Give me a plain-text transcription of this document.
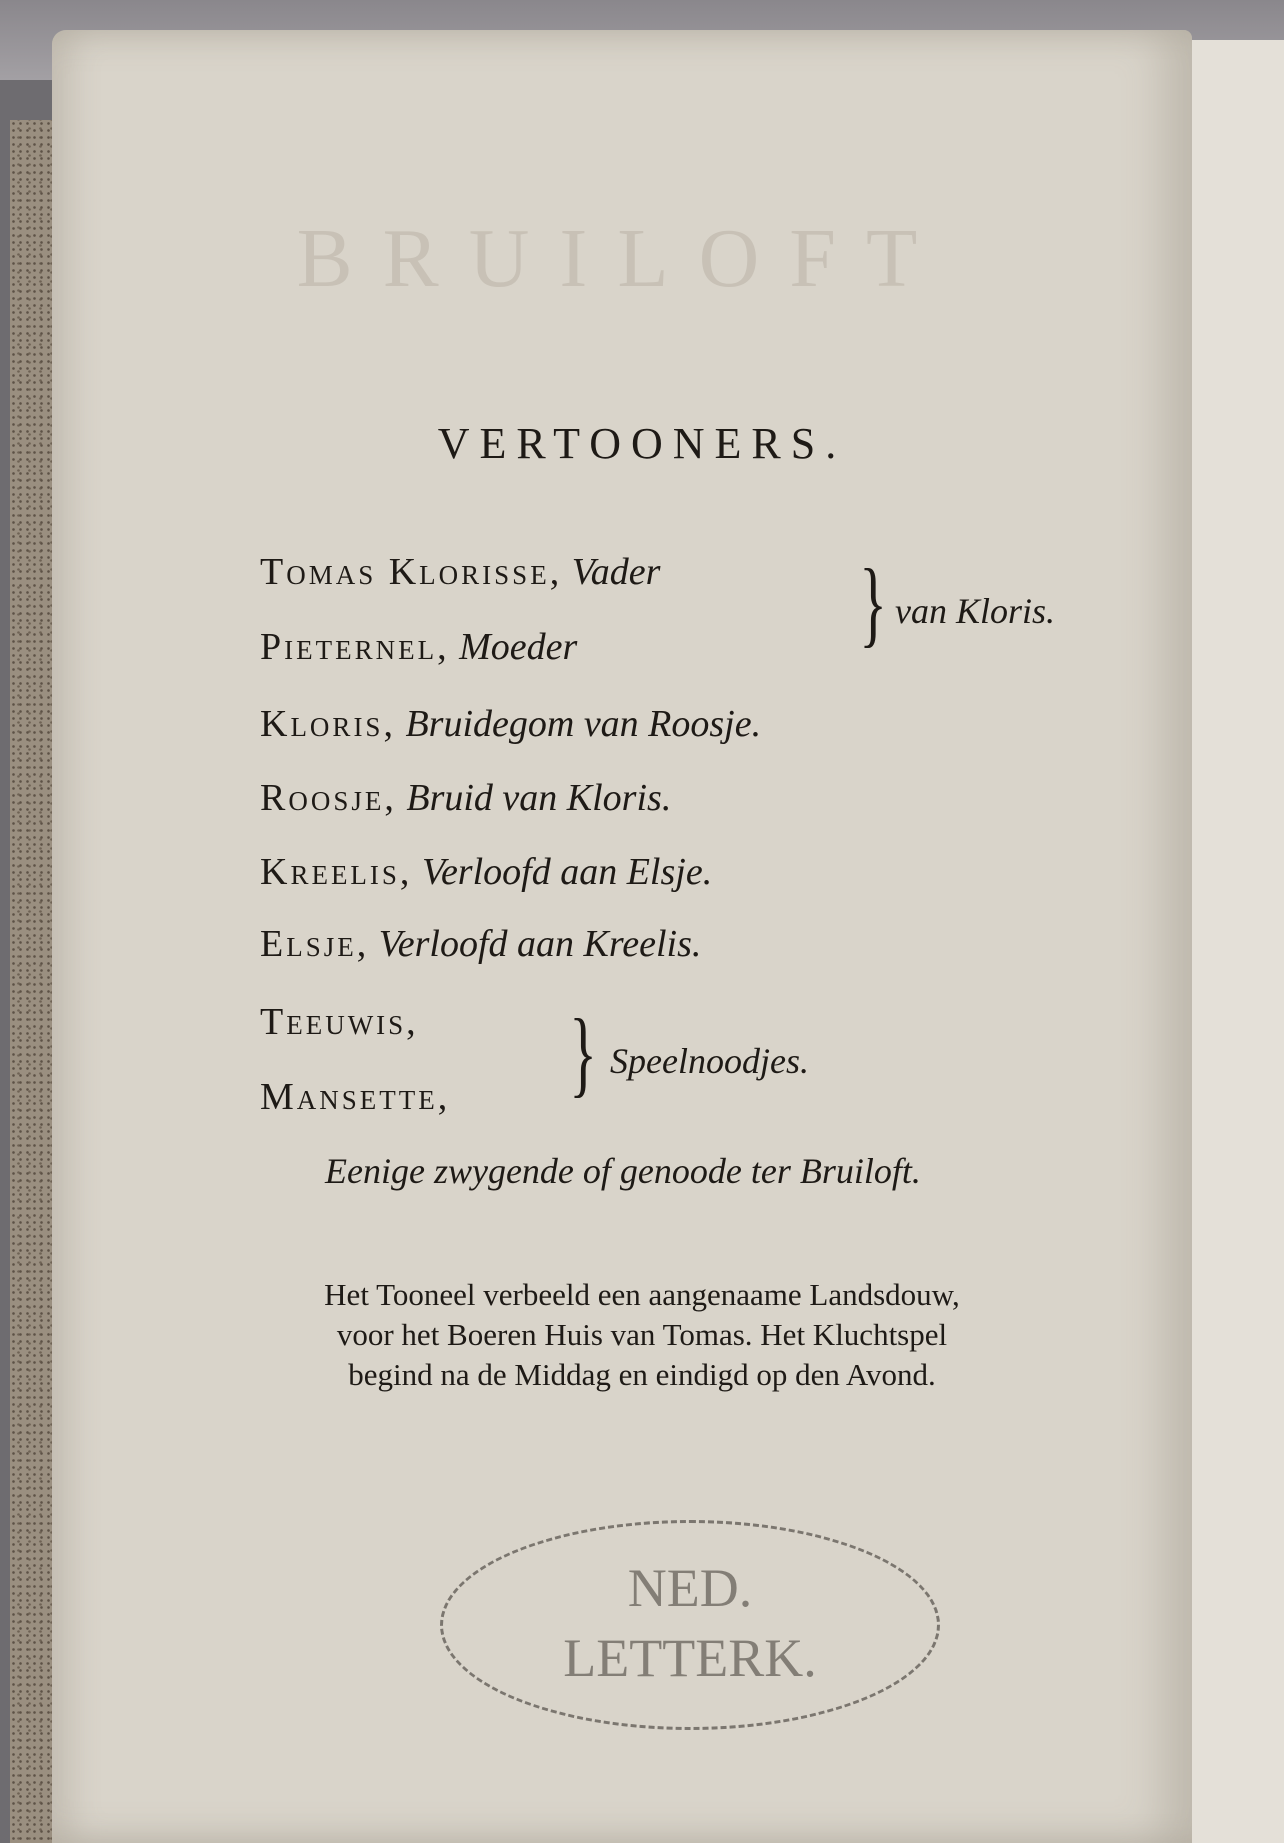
BRUILOFT
VERTOONERS.
Tomas Klorisse, Vader
Pieternel, Moeder	} van Kloris.
Kloris, Bruidegom van Roosje.
Roosje, Bruid van Kloris.
Kreelis, Verloofd aan Elsje.
Elsje, Verloofd aan Kreelis.
Teeuwis,
Mansette, } Speelnoodjes.
Eenige zwygende of genoode ter Bruiloft.
Het Tooneel verbeeld een aangenaame Landsdouw,
voor het Boeren Huis van Tomas. Het Kluchtspel
begind na de Middag en eindigd op den Avond.
NED.
LETTERK.
